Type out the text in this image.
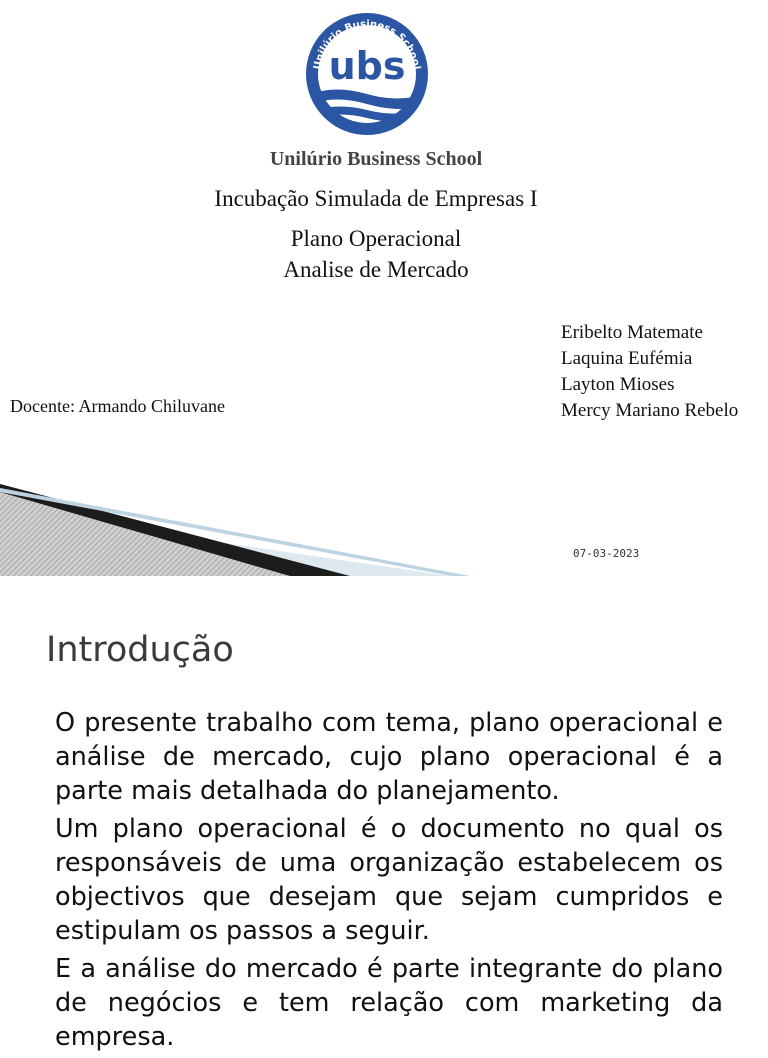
Unilúrio Business School
ubs
Unilúrio Business School
Incubação Simulada de Empresas I
Plano Operacional
Analise de Mercado
Docente: Armando Chiluvane
Eribelto Matemate
Laquina Eufémia
Layton Mioses
Mercy Mariano Rebelo
07-03-2023
Introdução

O presente trabalho com tema, plano operacional e análise de mercado, cujo plano operacional é a parte mais detalhada do planejamento.

Um plano operacional é o documento no qual os responsáveis de uma organização estabelecem os objectivos que desejam que sejam cumpridos e estipulam os passos a seguir.

E a análise do mercado é parte integrante do plano de negócios e tem relação com marketing da empresa.
